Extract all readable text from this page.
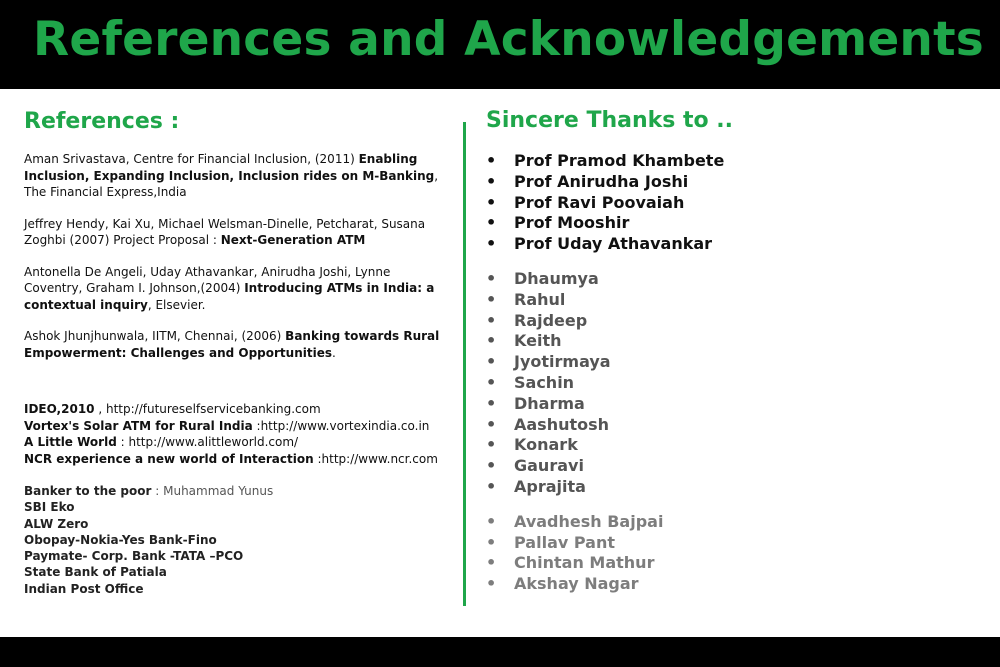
References and Acknowledgements
References :
Aman Srivastava, Centre for Financial Inclusion, (2011) Enabling Inclusion, Expanding Inclusion, Inclusion rides on M-Banking, The Financial Express,India
Jeffrey Hendy, Kai Xu, Michael Welsman-Dinelle, Petcharat, Susana Zoghbi (2007) Project Proposal : Next-Generation ATM
Antonella De Angeli, Uday Athavankar, Anirudha Joshi, Lynne Coventry, Graham I. Johnson,(2004) Introducing ATMs in India: a contextual inquiry, Elsevier.
Ashok Jhunjhunwala, IITM, Chennai, (2006) Banking towards Rural Empowerment: Challenges and Opportunities.
IDEO,2010 , http://futureselfservicebanking.com
Vortex's Solar ATM for Rural India :http://www.vortexindia.co.in
A Little World : http://www.alittleworld.com/
NCR experience a new world of Interaction :http://www.ncr.com
Banker to the poor : Muhammad Yunus
SBI Eko
ALW Zero
Obopay-Nokia-Yes Bank-Fino
Paymate- Corp. Bank -TATA –PCO
State Bank of Patiala
Indian Post Office
Sincere Thanks to ..
• Prof Pramod Khambete
• Prof Anirudha Joshi
• Prof Ravi Poovaiah
• Prof Mooshir
• Prof Uday Athavankar
• Dhaumya
• Rahul
• Rajdeep
• Keith
• Jyotirmaya
• Sachin
• Dharma
• Aashutosh
• Konark
• Gauravi
• Aprajita
• Avadhesh Bajpai
• Pallav Pant
• Chintan Mathur
• Akshay Nagar
